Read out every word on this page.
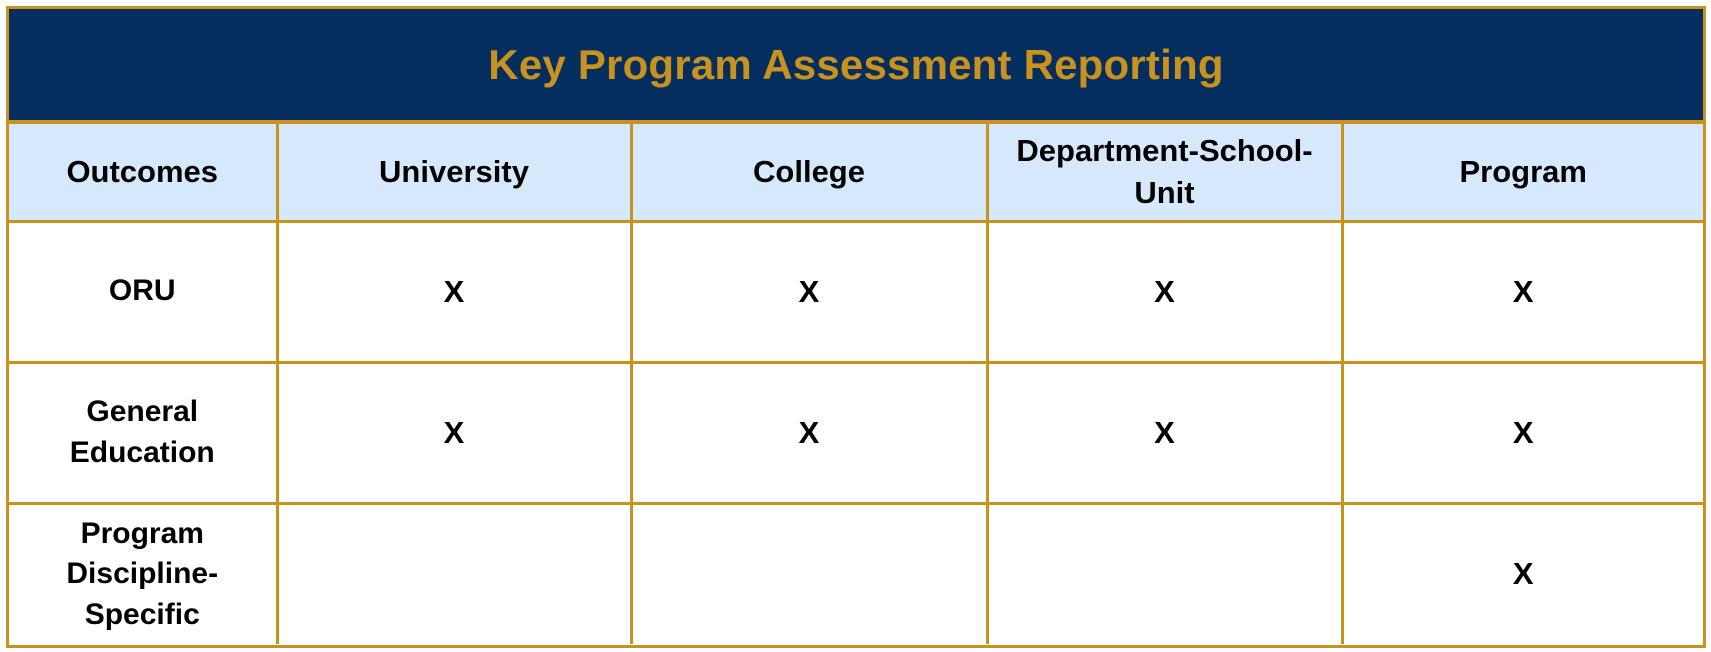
Key Program Assessment Reporting
Outcomes	University	College	Department-School-Unit	Program
ORU	X	X	X	X
General Education	X	X	X	X
Program Discipline-Specific				X
